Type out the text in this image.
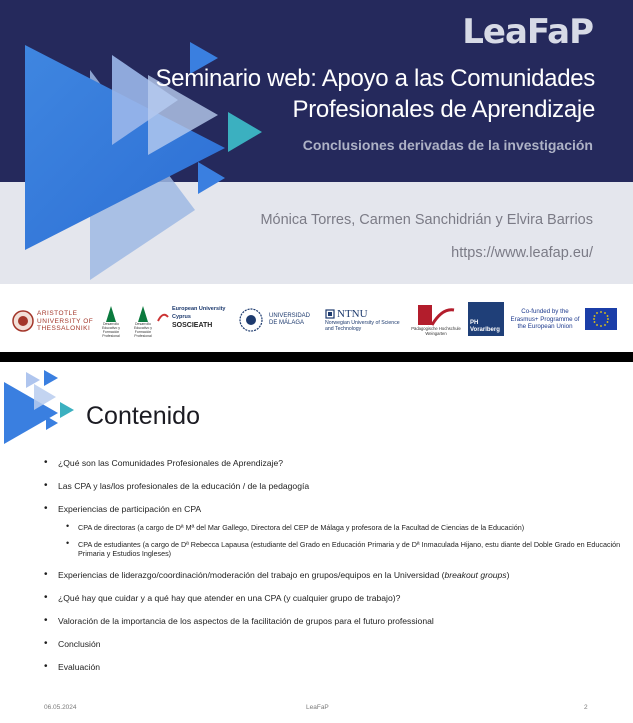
LeaFaP
Seminario web: Apoyo a las Comunidades Profesionales de Aprendizaje
Conclusiones derivadas de la investigación
Mónica Torres, Carmen Sanchidrián y Elvira Barrios
https://www.leafap.eu/
ARISTOTLE UNIVERSITY OF THESSALONIKI
Desarrollo Educativo y Formación Profesional
Desarrollo Educativo y Formación Profesional
European University Cyprus
SOSCIEATH
UNIVERSIDAD DE MÁLAGA
NTNU
Norwegian University of Science and Technology	Pädagogische Hochschule Weingarten
PH Vorarlberg
Co-funded by the Erasmus+ Programme of the European Union
Contenido
• ¿Qué son las Comunidades Profesionales de Aprendizaje?
• Las CPA y las/los profesionales de la educación / de la pedagogía
• Experiencias de participación en CPA
• CPA de directoras (a cargo de Dª Mª del Mar Gallego, Directora del CEP de Málaga y profesora de la Facultad de Ciencias de la Educación)
• CPA de estudiantes (a cargo de Dª Rebecca Lapausa (estudiante del Grado en Educación Primaria y de Dª Inmaculada Hijano, estu diante del Doble Grado en Educación Primaria y Estudios Ingleses)
• Experiencias de liderazgo/coordinación/moderación del trabajo en grupos/equipos en la Universidad (breakout groups)
• ¿Qué hay que cuidar y a qué hay que atender en una CPA (y cualquier grupo de trabajo)?
• Valoración de la importancia de los aspectos de la facilitación de grupos para el futuro professional
• Conclusión
• Evaluación
06.05.2024	LeaFaP	2
